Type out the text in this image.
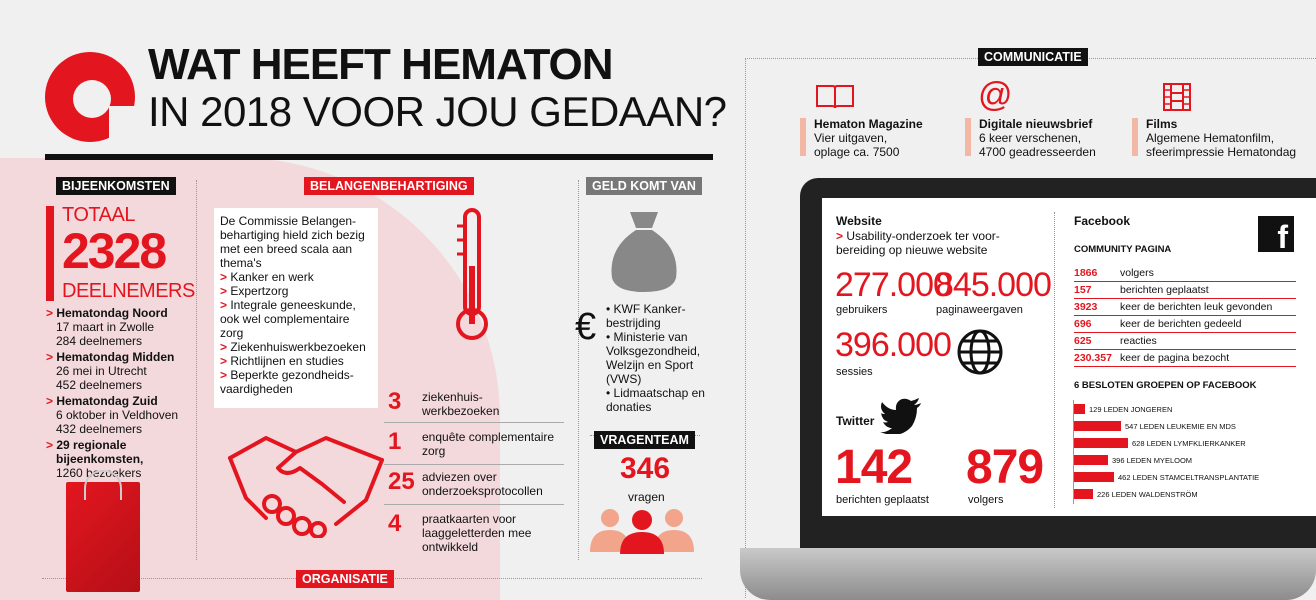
WAT HEEFT HEMATON
IN 2018 VOOR JOU GEDAAN?
BIJEENKOMSTEN
TOTAAL
2328
DEELNEMERS
> Hematondag Noord
17 maart in Zwolle
284 deelnemers
> Hematondag Midden
26 mei in Utrecht
452 deelnemers
> Hematondag Zuid
6 oktober in Veldhoven
432 deelnemers
> 29 regionale
bijeenkomsten,
1260 bezoekers
BELANGENBEHARTIGING
De Commissie Belangen-behartiging hield zich bezig met een breed scala aan thema's
> Kanker en werk
> Expertzorg
> Integrale geneeskunde, ook wel complementaire zorg
> Ziekenhuiswerkbezoeken
> Richtlijnen en studies
> Beperkte gezondheids-vaardigheden	3 ziekenhuis-werkbezoeken
1 enquête complementaire zorg
25 adviezen over onderzoeksprotocollen
4 praatkaarten voor laaggeletterden mee ontwikkeld
ORGANISATIE
GELD KOMT VAN
€ • KWF Kanker-bestrijding
• Ministerie van Volksgezondheid, Welzijn en Sport (VWS)
• Lidmaatschap en donaties
VRAGENTEAM
346
vragen
COMMUNICATIE
Hematon Magazine
Vier uitgaven,
oplage ca. 7500
@
Digitale nieuwsbrief
6 keer verschenen,
4700 geadresseerden
Films
Algemene Hematonfilm,
sfeerimpressie Hematondag
Website
> Usability-onderzoek ter voor-bereiding op nieuwe website
277.000
gebruikers
845.000
paginaweergaven
396.000
sessies
Twitter
142
berichten geplaatst
879
volgers
Facebook	f
COMMUNITY PAGINA
1866	volgers
157	berichten geplaatst
3923	keer de berichten leuk gevonden
696	keer de berichten gedeeld
625	reacties
230.357 keer de pagina bezocht
6 BESLOTEN GROEPEN OP FACEBOOK
129 LEDEN JONGEREN
547 LEDEN LEUKEMIE EN MDS
628 LEDEN LYMFKLIERKANKER
396 LEDEN MYELOOM
462 LEDEN STAMCELTRANSPLANTATIE
226 LEDEN WALDENSTRÖM
